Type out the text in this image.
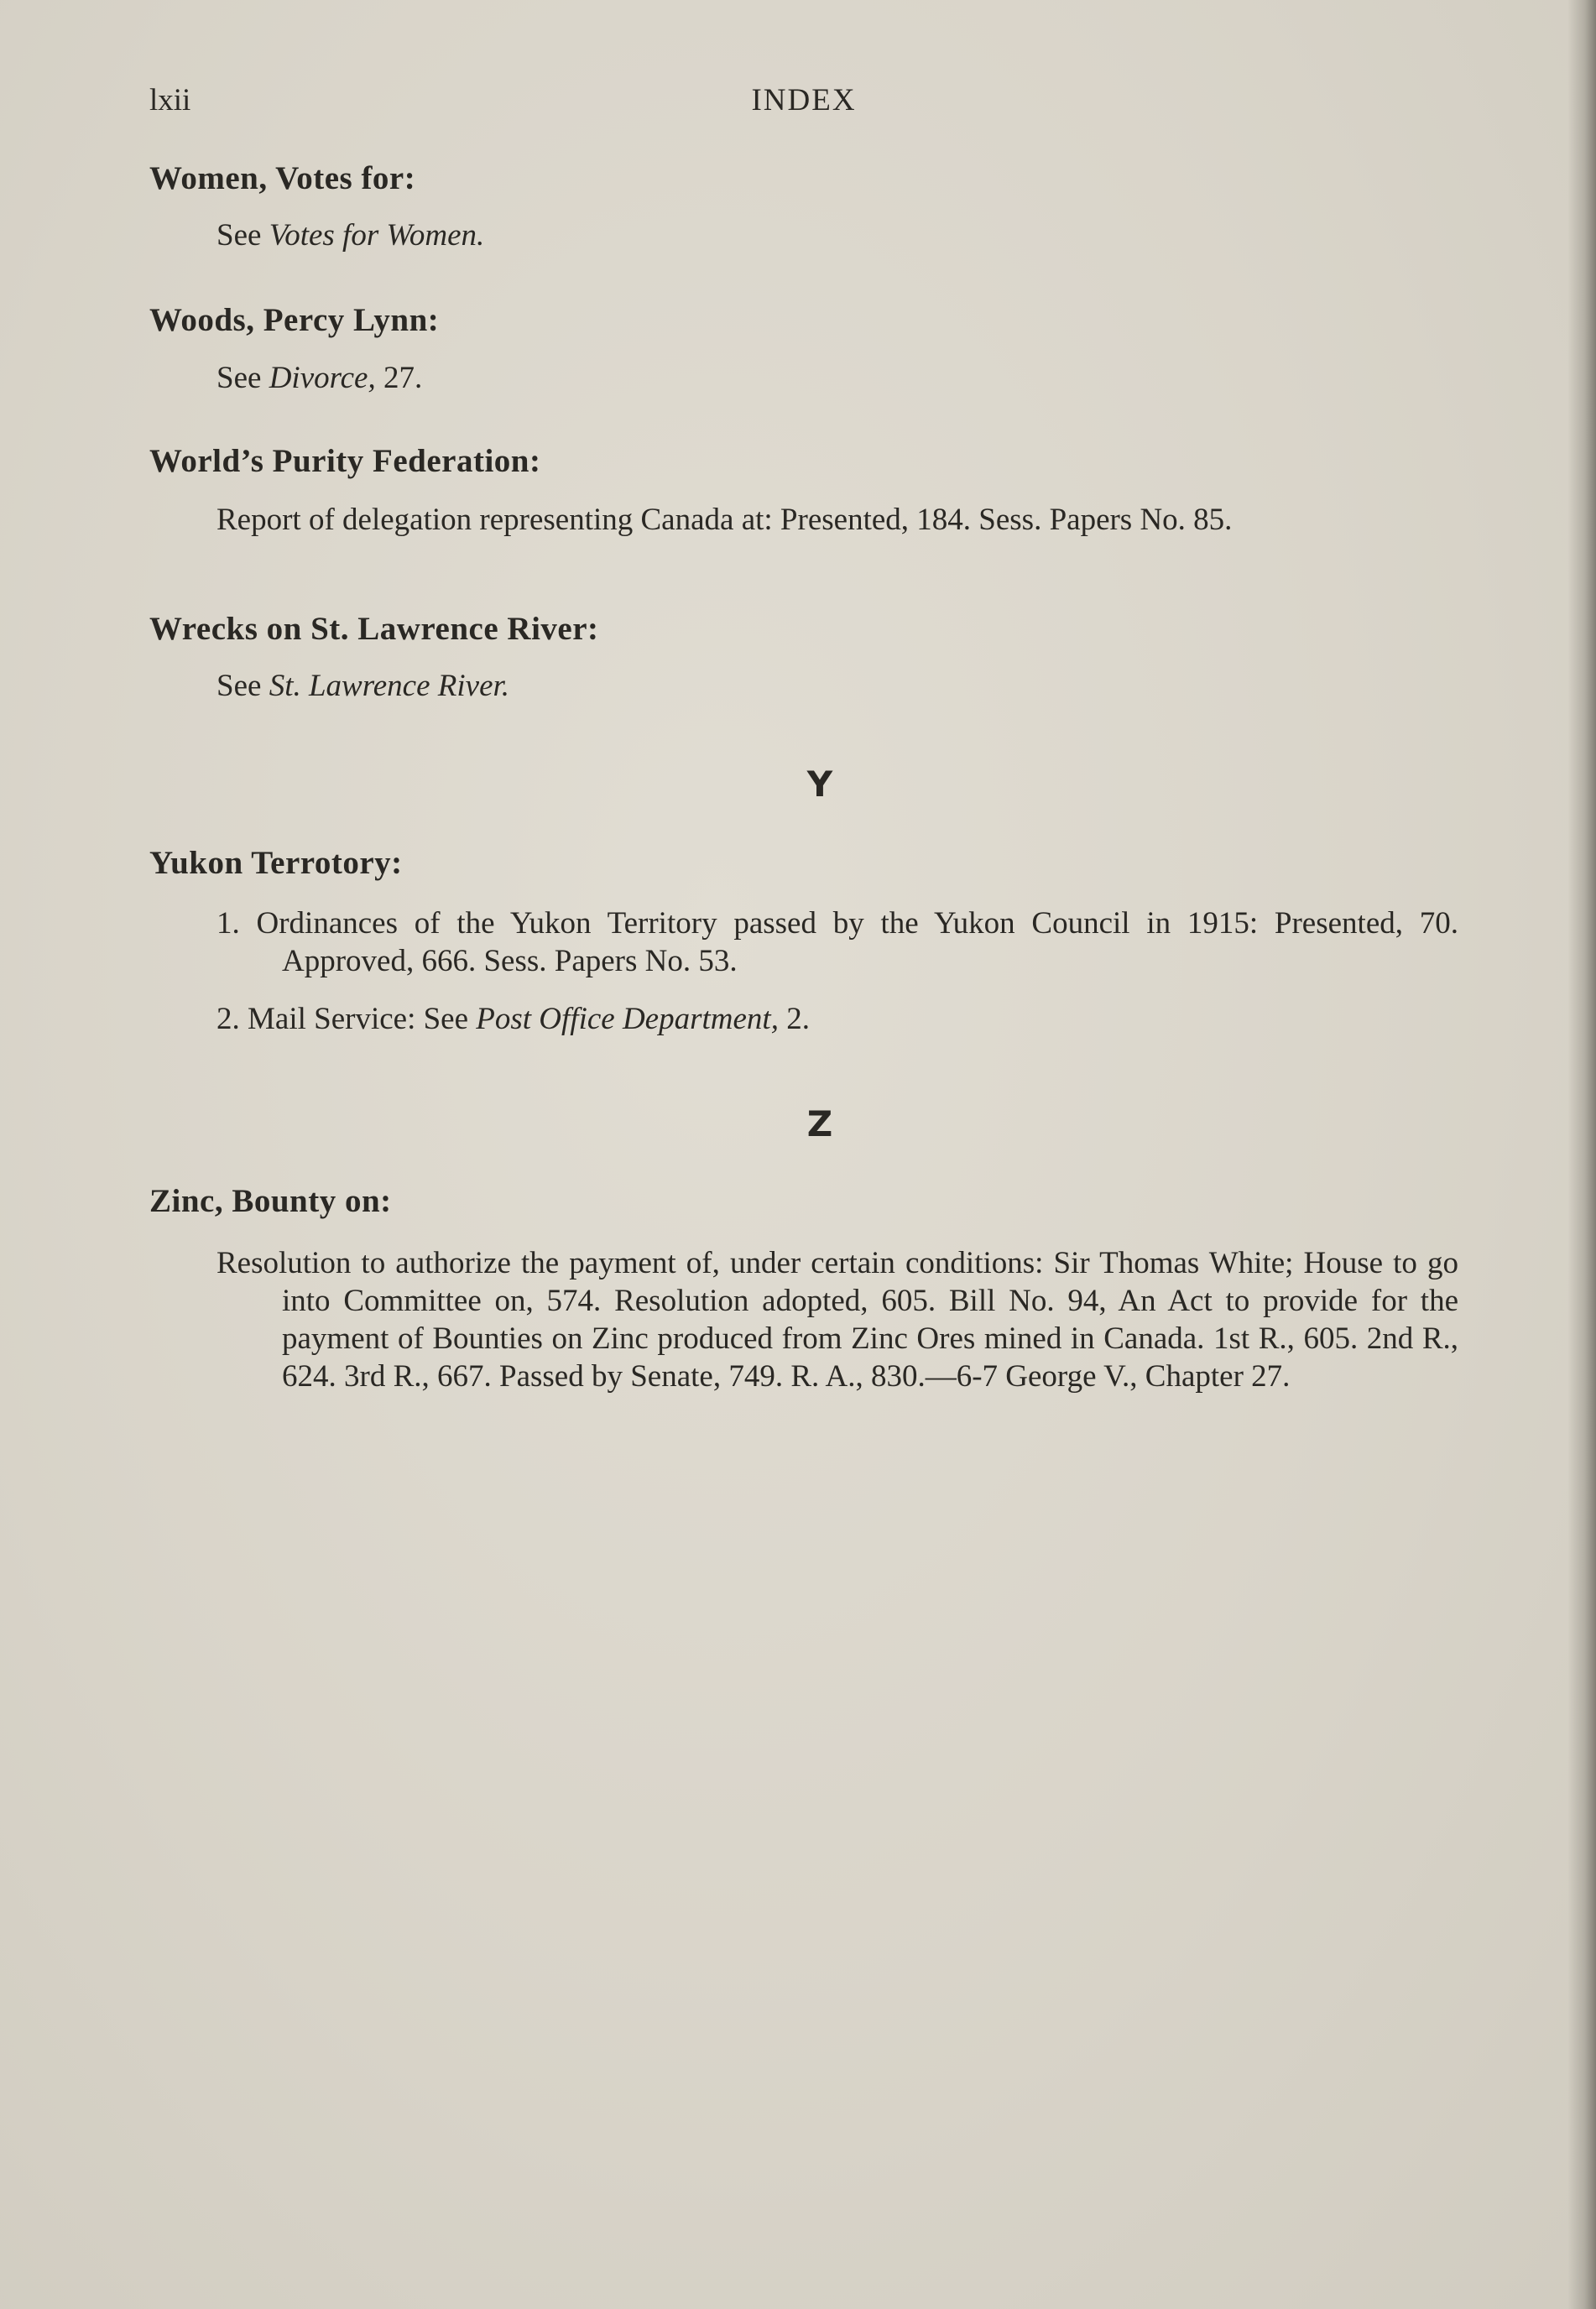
lxii	INDEX
Women, Votes for:
See Votes for Women.
Woods, Percy Lynn:
See Divorce, 27.
World’s Purity Federation:
Report of delegation representing Canada at: Presented, 184. Sess. Papers No. 85.
Wrecks on St. Lawrence River:
See St. Lawrence River.
Y
Yukon Terrotory:
1. Ordinances of the Yukon Territory passed by the Yukon Council in 1915: Presented, 70. Approved, 666. Sess. Papers No. 53.
2. Mail Service: See Post Office Department, 2.
Z
Zinc, Bounty on:
Resolution to authorize the payment of, under certain conditions: Sir Thomas White; House to go into Committee on, 574. Resolution adopted, 605. Bill No. 94, An Act to provide for the payment of Bounties on Zinc produced from Zinc Ores mined in Canada. 1st R., 605. 2nd R., 624. 3rd R., 667. Passed by Senate, 749. R. A., 830.—6-7 George V., Chapter 27.
